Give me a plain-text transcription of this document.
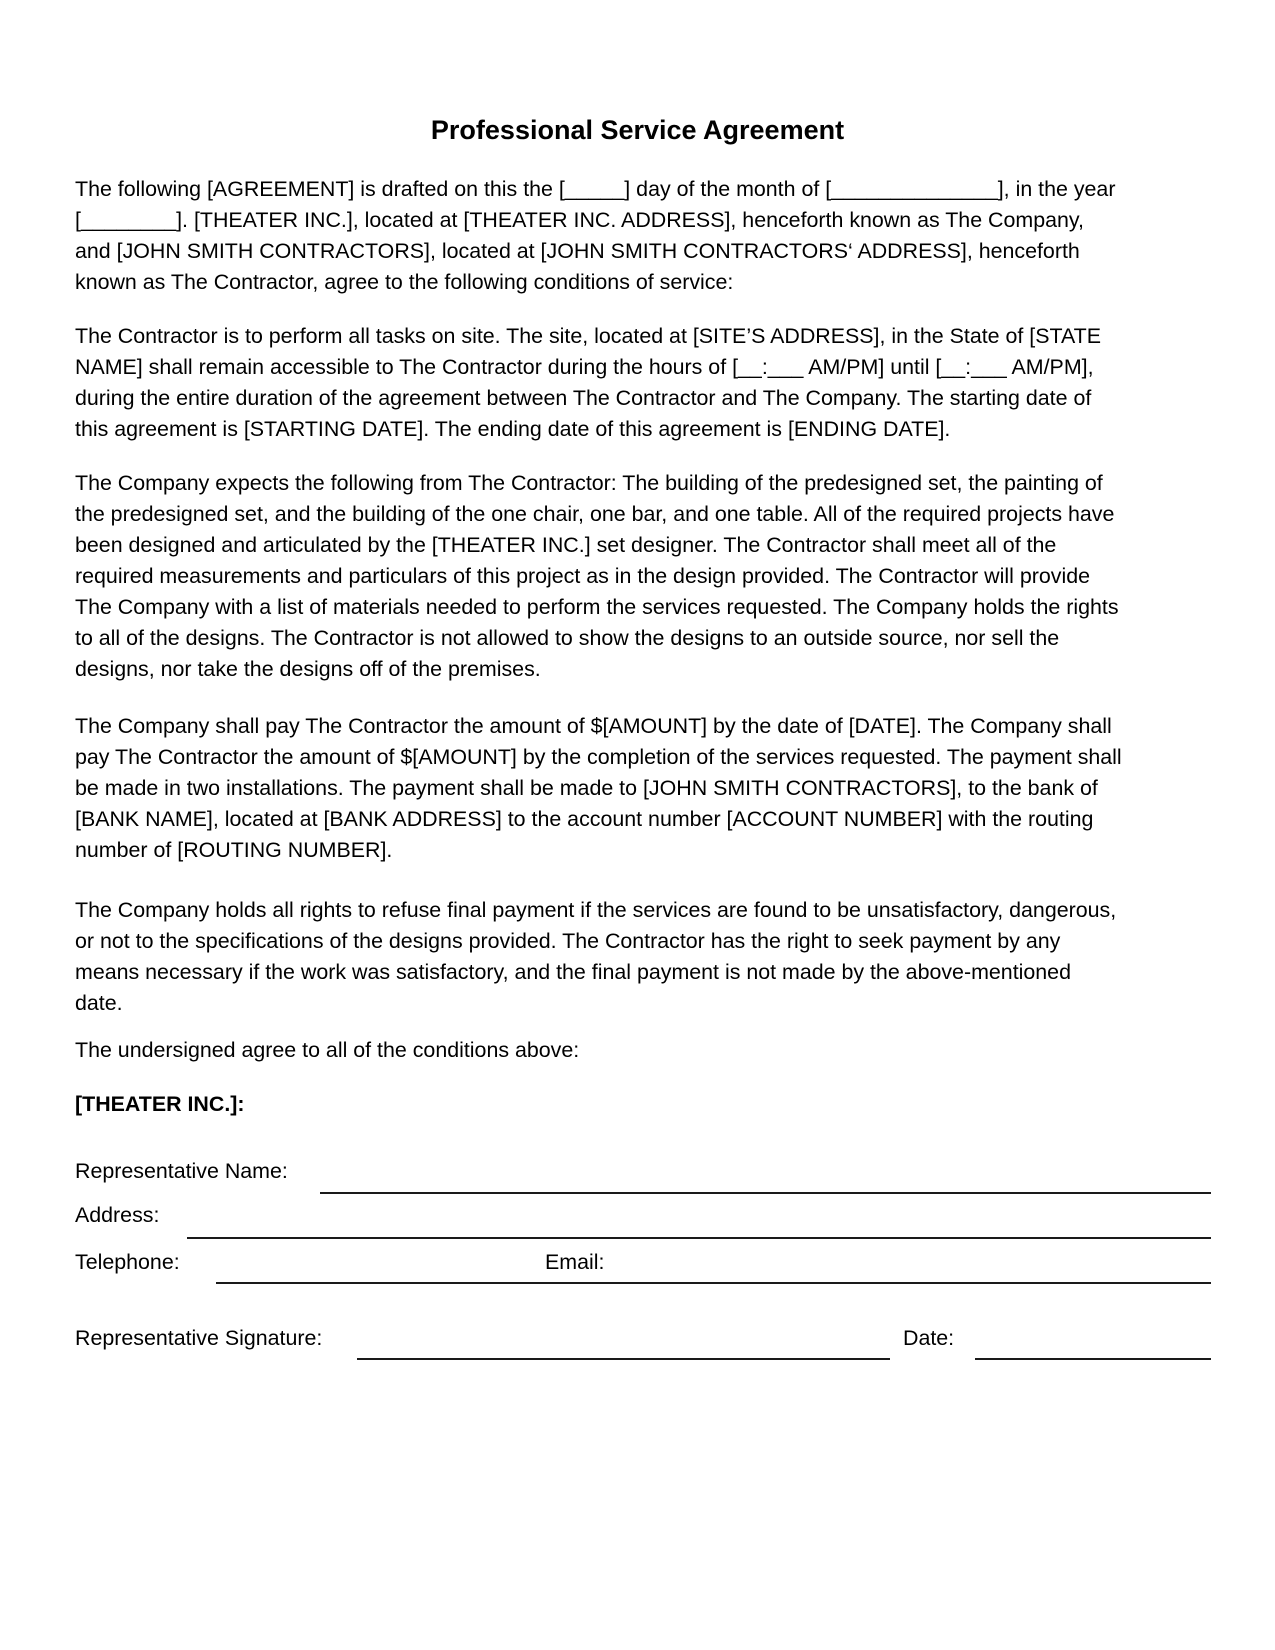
Professional Service Agreement
The following [AGREEMENT] is drafted on this the [_____] day of the month of [______________], in the year
[________]. [THEATER INC.], located at [THEATER INC. ADDRESS], henceforth known as The Company,
and [JOHN SMITH CONTRACTORS], located at [JOHN SMITH CONTRACTORS‘ ADDRESS], henceforth
known as The Contractor, agree to the following conditions of service:
The Contractor is to perform all tasks on site. The site, located at [SITE’S ADDRESS], in the State of [STATE
NAME] shall remain accessible to The Contractor during the hours of [__:___ AM/PM] until [__:___ AM/PM],
during the entire duration of the agreement between The Contractor and The Company. The starting date of
this agreement is [STARTING DATE]. The ending date of this agreement is [ENDING DATE].
The Company expects the following from The Contractor: The building of the predesigned set, the painting of
the predesigned set, and the building of the one chair, one bar, and one table. All of the required projects have
been designed and articulated by the [THEATER INC.] set designer. The Contractor shall meet all of the
required measurements and particulars of this project as in the design provided. The Contractor will provide
The Company with a list of materials needed to perform the services requested. The Company holds the rights
to all of the designs. The Contractor is not allowed to show the designs to an outside source, nor sell the
designs, nor take the designs off of the premises.
The Company shall pay The Contractor the amount of $[AMOUNT] by the date of [DATE]. The Company shall
pay The Contractor the amount of $[AMOUNT] by the completion of the services requested. The payment shall
be made in two installations. The payment shall be made to [JOHN SMITH CONTRACTORS], to the bank of
[BANK NAME], located at [BANK ADDRESS] to the account number [ACCOUNT NUMBER] with the routing
number of [ROUTING NUMBER].
The Company holds all rights to refuse final payment if the services are found to be unsatisfactory, dangerous,
or not to the specifications of the designs provided. The Contractor has the right to seek payment by any
means necessary if the work was satisfactory, and the final payment is not made by the above-mentioned
date.
The undersigned agree to all of the conditions above:
[THEATER INC.]:
Representative Name:
Address:
Telephone:	Email:
Representative Signature:	Date:
